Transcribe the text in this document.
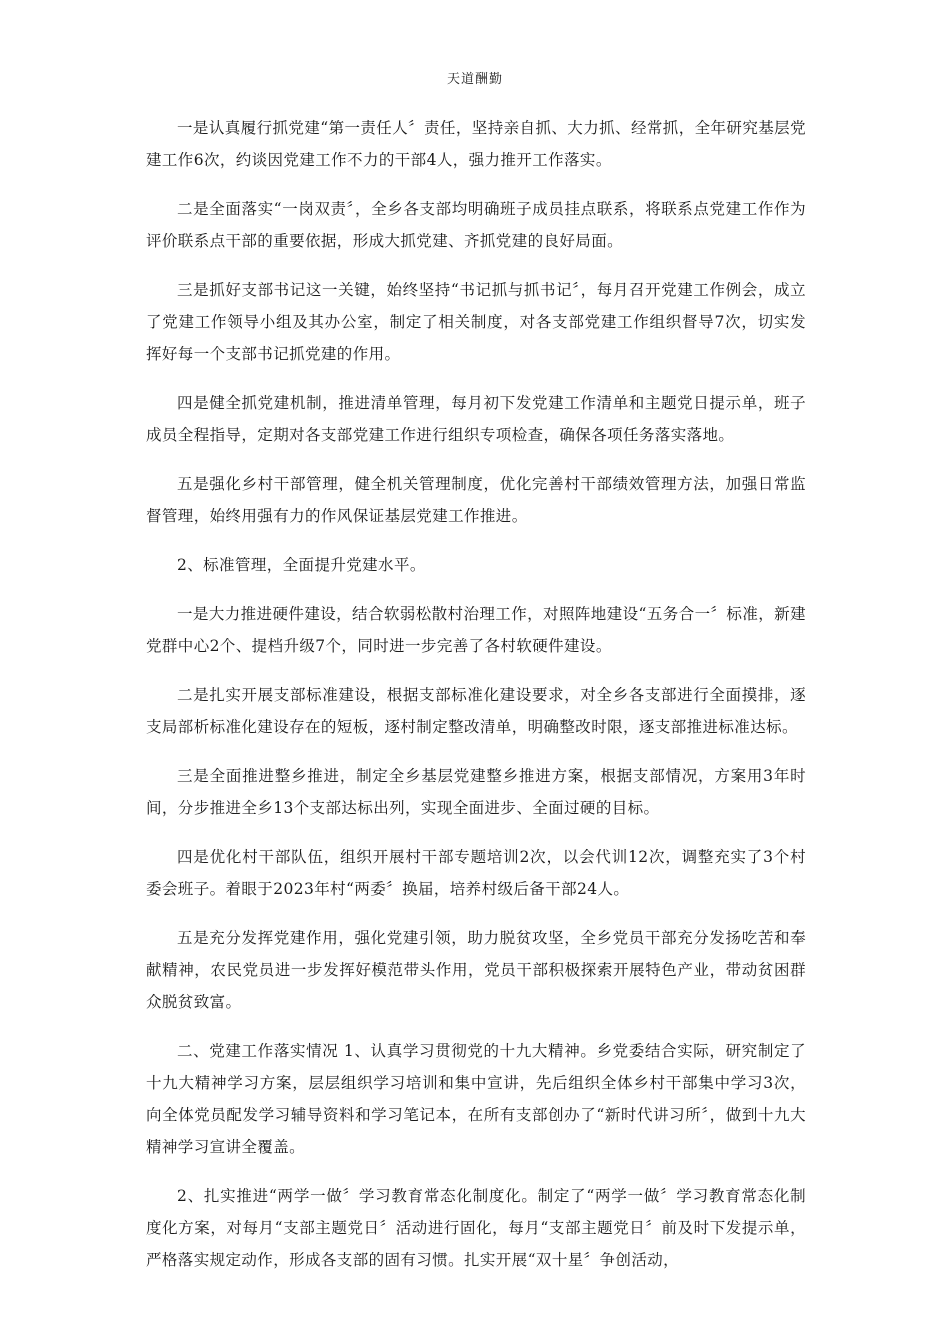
天道酬勤

一是认真履行抓党建“第一责任人〞责任，坚持亲自抓、大力抓、经常抓，全年研究基层党建工作6次，约谈因党建工作不力的干部4人，强力推开工作落实。

二是全面落实“一岗双责〞，全乡各支部均明确班子成员挂点联系，将联系点党建工作作为评价联系点干部的重要依据，形成大抓党建、齐抓党建的良好局面。

三是抓好支部书记这一关键，始终坚持“书记抓与抓书记〞，每月召开党建工作例会，成立了党建工作领导小组及其办公室，制定了相关制度，对各支部党建工作组织督导7次，切实发挥好每一个支部书记抓党建的作用。

四是健全抓党建机制，推进清单管理，每月初下发党建工作清单和主题党日提示单，班子成员全程指导，定期对各支部党建工作进行组织专项检查，确保各项任务落实落地。

五是强化乡村干部管理，健全机关管理制度，优化完善村干部绩效管理方法，加强日常监督管理，始终用强有力的作风保证基层党建工作推进。

2、标准管理，全面提升党建水平。

一是大力推进硬件建设，结合软弱松散村治理工作，对照阵地建设“五务合一〞标准，新建党群中心2个、提档升级7个，同时进一步完善了各村软硬件建设。

二是扎实开展支部标准建设，根据支部标准化建设要求，对全乡各支部进行全面摸排，逐支局部析标准化建设存在的短板，逐村制定整改清单，明确整改时限，逐支部推进标准达标。

三是全面推进整乡推进，制定全乡基层党建整乡推进方案，根据支部情况，方案用3年时间，分步推进全乡13个支部达标出列，实现全面进步、全面过硬的目标。

四是优化村干部队伍，组织开展村干部专题培训2次，以会代训12次，调整充实了3个村委会班子。着眼于2023年村“两委〞换届，培养村级后备干部24人。

五是充分发挥党建作用，强化党建引领，助力脱贫攻坚，全乡党员干部充分发扬吃苦和奉献精神，农民党员进一步发挥好模范带头作用，党员干部积极探索开展特色产业，带动贫困群众脱贫致富。

二、党建工作落实情况 1、认真学习贯彻党的十九大精神。乡党委结合实际，研究制定了十九大精神学习方案，层层组织学习培训和集中宣讲，先后组织全体乡村干部集中学习3次，向全体党员配发学习辅导资料和学习笔记本，在所有支部创办了“新时代讲习所〞，做到十九大精神学习宣讲全覆盖。

2、扎实推进“两学一做〞学习教育常态化制度化。制定了“两学一做〞学习教育常态化制度化方案，对每月“支部主题党日〞活动进行固化，每月“支部主题党日〞前及时下发提示单，严格落实规定动作，形成各支部的固有习惯。扎实开展“双十星〞争创活动，
